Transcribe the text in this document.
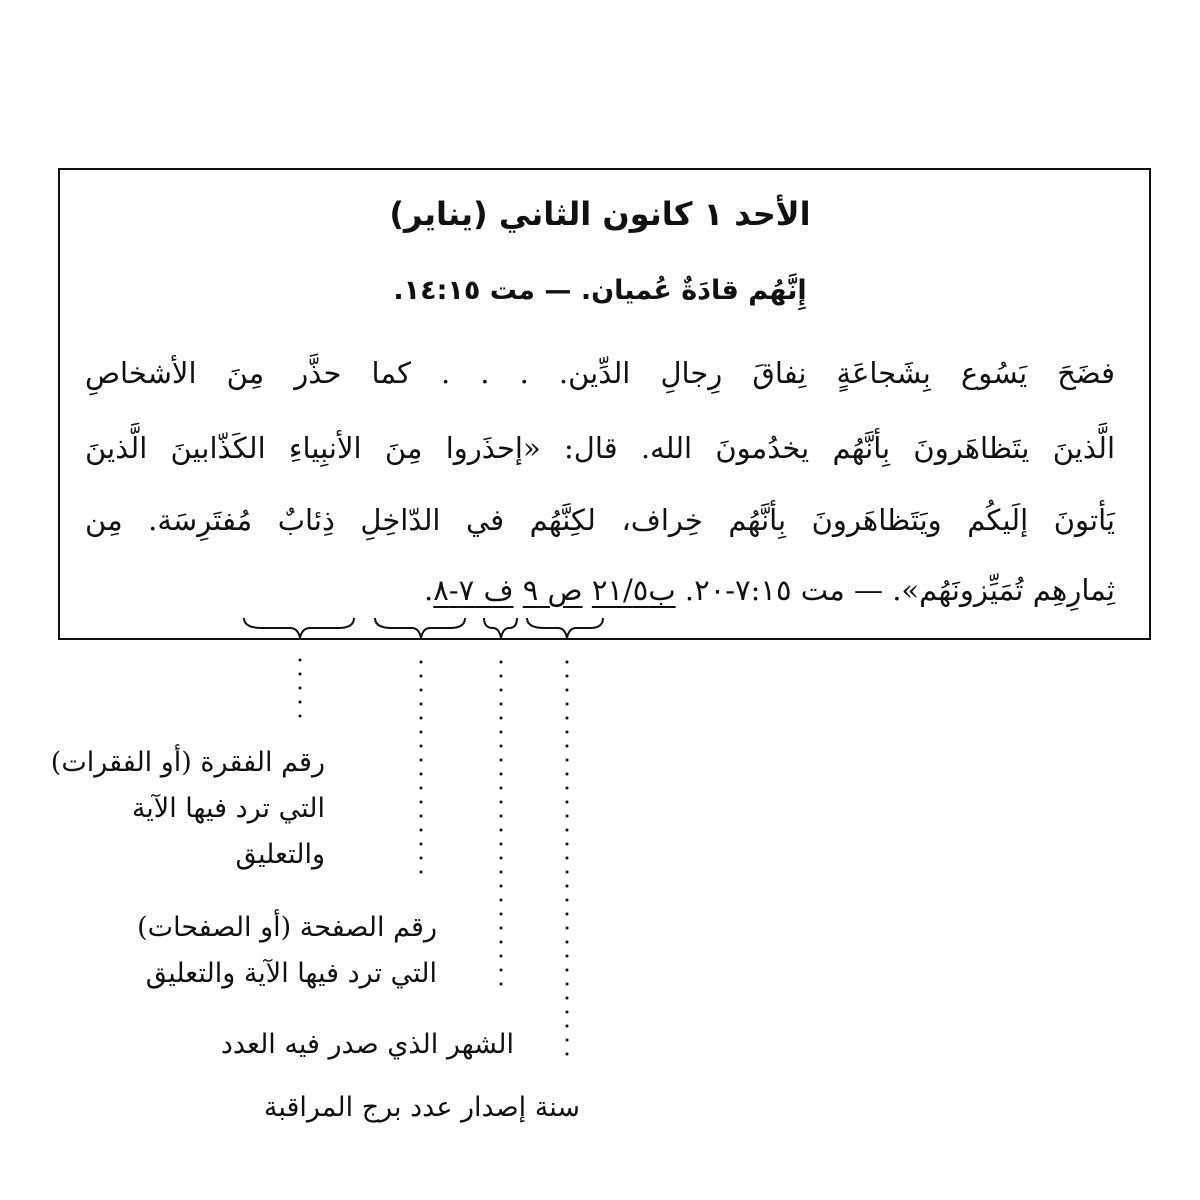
الأحد ١ كانون الثاني (يناير)
إِنَّهُم قادَةٌ عُميان. — مت ١٤:١٥.
فضَحَ يَسُوع بِشَجاعَةٍ نِفاقَ رِجالِ الدِّين. . . . كما حذَّر مِنَ الأشخاصِ
الَّذينَ يتَظاهَرونَ بِأنَّهُم يخدُمونَ الله. قال: «إحذَروا مِنَ الأنبِياءِ الكَذّابينَ الَّذينَ
يَأتونَ إلَيكُم ويَتَظاهَرونَ بِأنَّهُم خِراف، لكِنَّهُم في الدّاخِلِ ذِئابٌ مُفتَرِسَة. مِن
ثِمارِهِم تُمَيِّزونَهُم». — مت ٧:١٥-٢٠. ب٢١/٥ ص ٩ ف ٧-٨.
رقم الفقرة (أو الفقرات)
التي ترد فيها الآية
والتعليق
رقم الصفحة (أو الصفحات)
التي ترد فيها الآية والتعليق
الشهر الذي صدر فيه العدد
سنة إصدار عدد برج المراقبة
